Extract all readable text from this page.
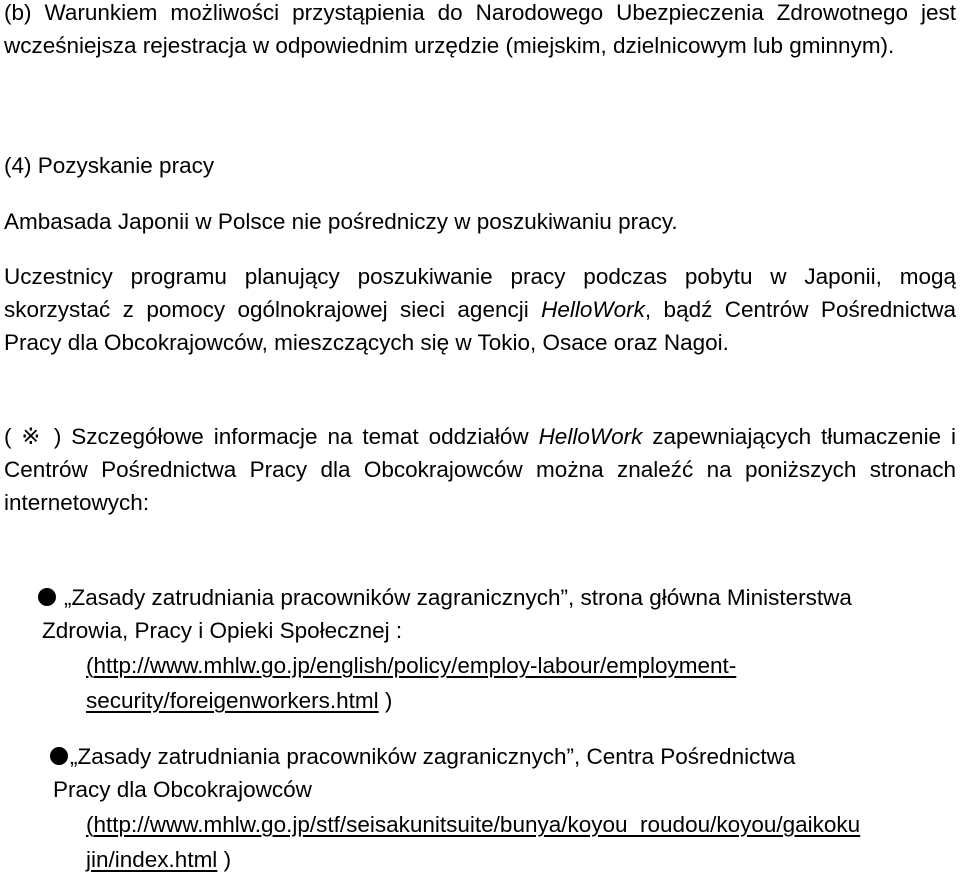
(b) Warunkiem możliwości przystąpienia do Narodowego Ubezpieczenia Zdrowotnego jest wcześniejsza rejestracja w odpowiednim urzędzie (miejskim, dzielnicowym lub gminnym).
(4) Pozyskanie pracy
Ambasada Japonii w Polsce nie pośredniczy w poszukiwaniu pracy.
Uczestnicy programu planujący poszukiwanie pracy podczas pobytu w Japonii, mogą skorzystać z pomocy ogólnokrajowej sieci agencji HelloWork, bądź Centrów Pośrednictwa Pracy dla Obcokrajowców, mieszczących się w Tokio, Osace oraz Nagoi.
( ※ ) Szczegółowe informacje na temat oddziałów HelloWork zapewniających tłumaczenie i Centrów Pośrednictwa Pracy dla Obcokrajowców można znaleźć na poniższych stronach internetowych:
„Zasady zatrudniania pracowników zagranicznych”, strona główna Ministerstwa
Zdrowia, Pracy i Opieki Społecznej :
(http://www.mhlw.go.jp/english/policy/employ-labour/employment-
security/foreigenworkers.html )
„Zasady zatrudniania pracowników zagranicznych”, Centra Pośrednictwa
Pracy dla Obcokrajowców
(http://www.mhlw.go.jp/stf/seisakunitsuite/bunya/koyou_roudou/koyou/gaikoku
jin/index.html )
